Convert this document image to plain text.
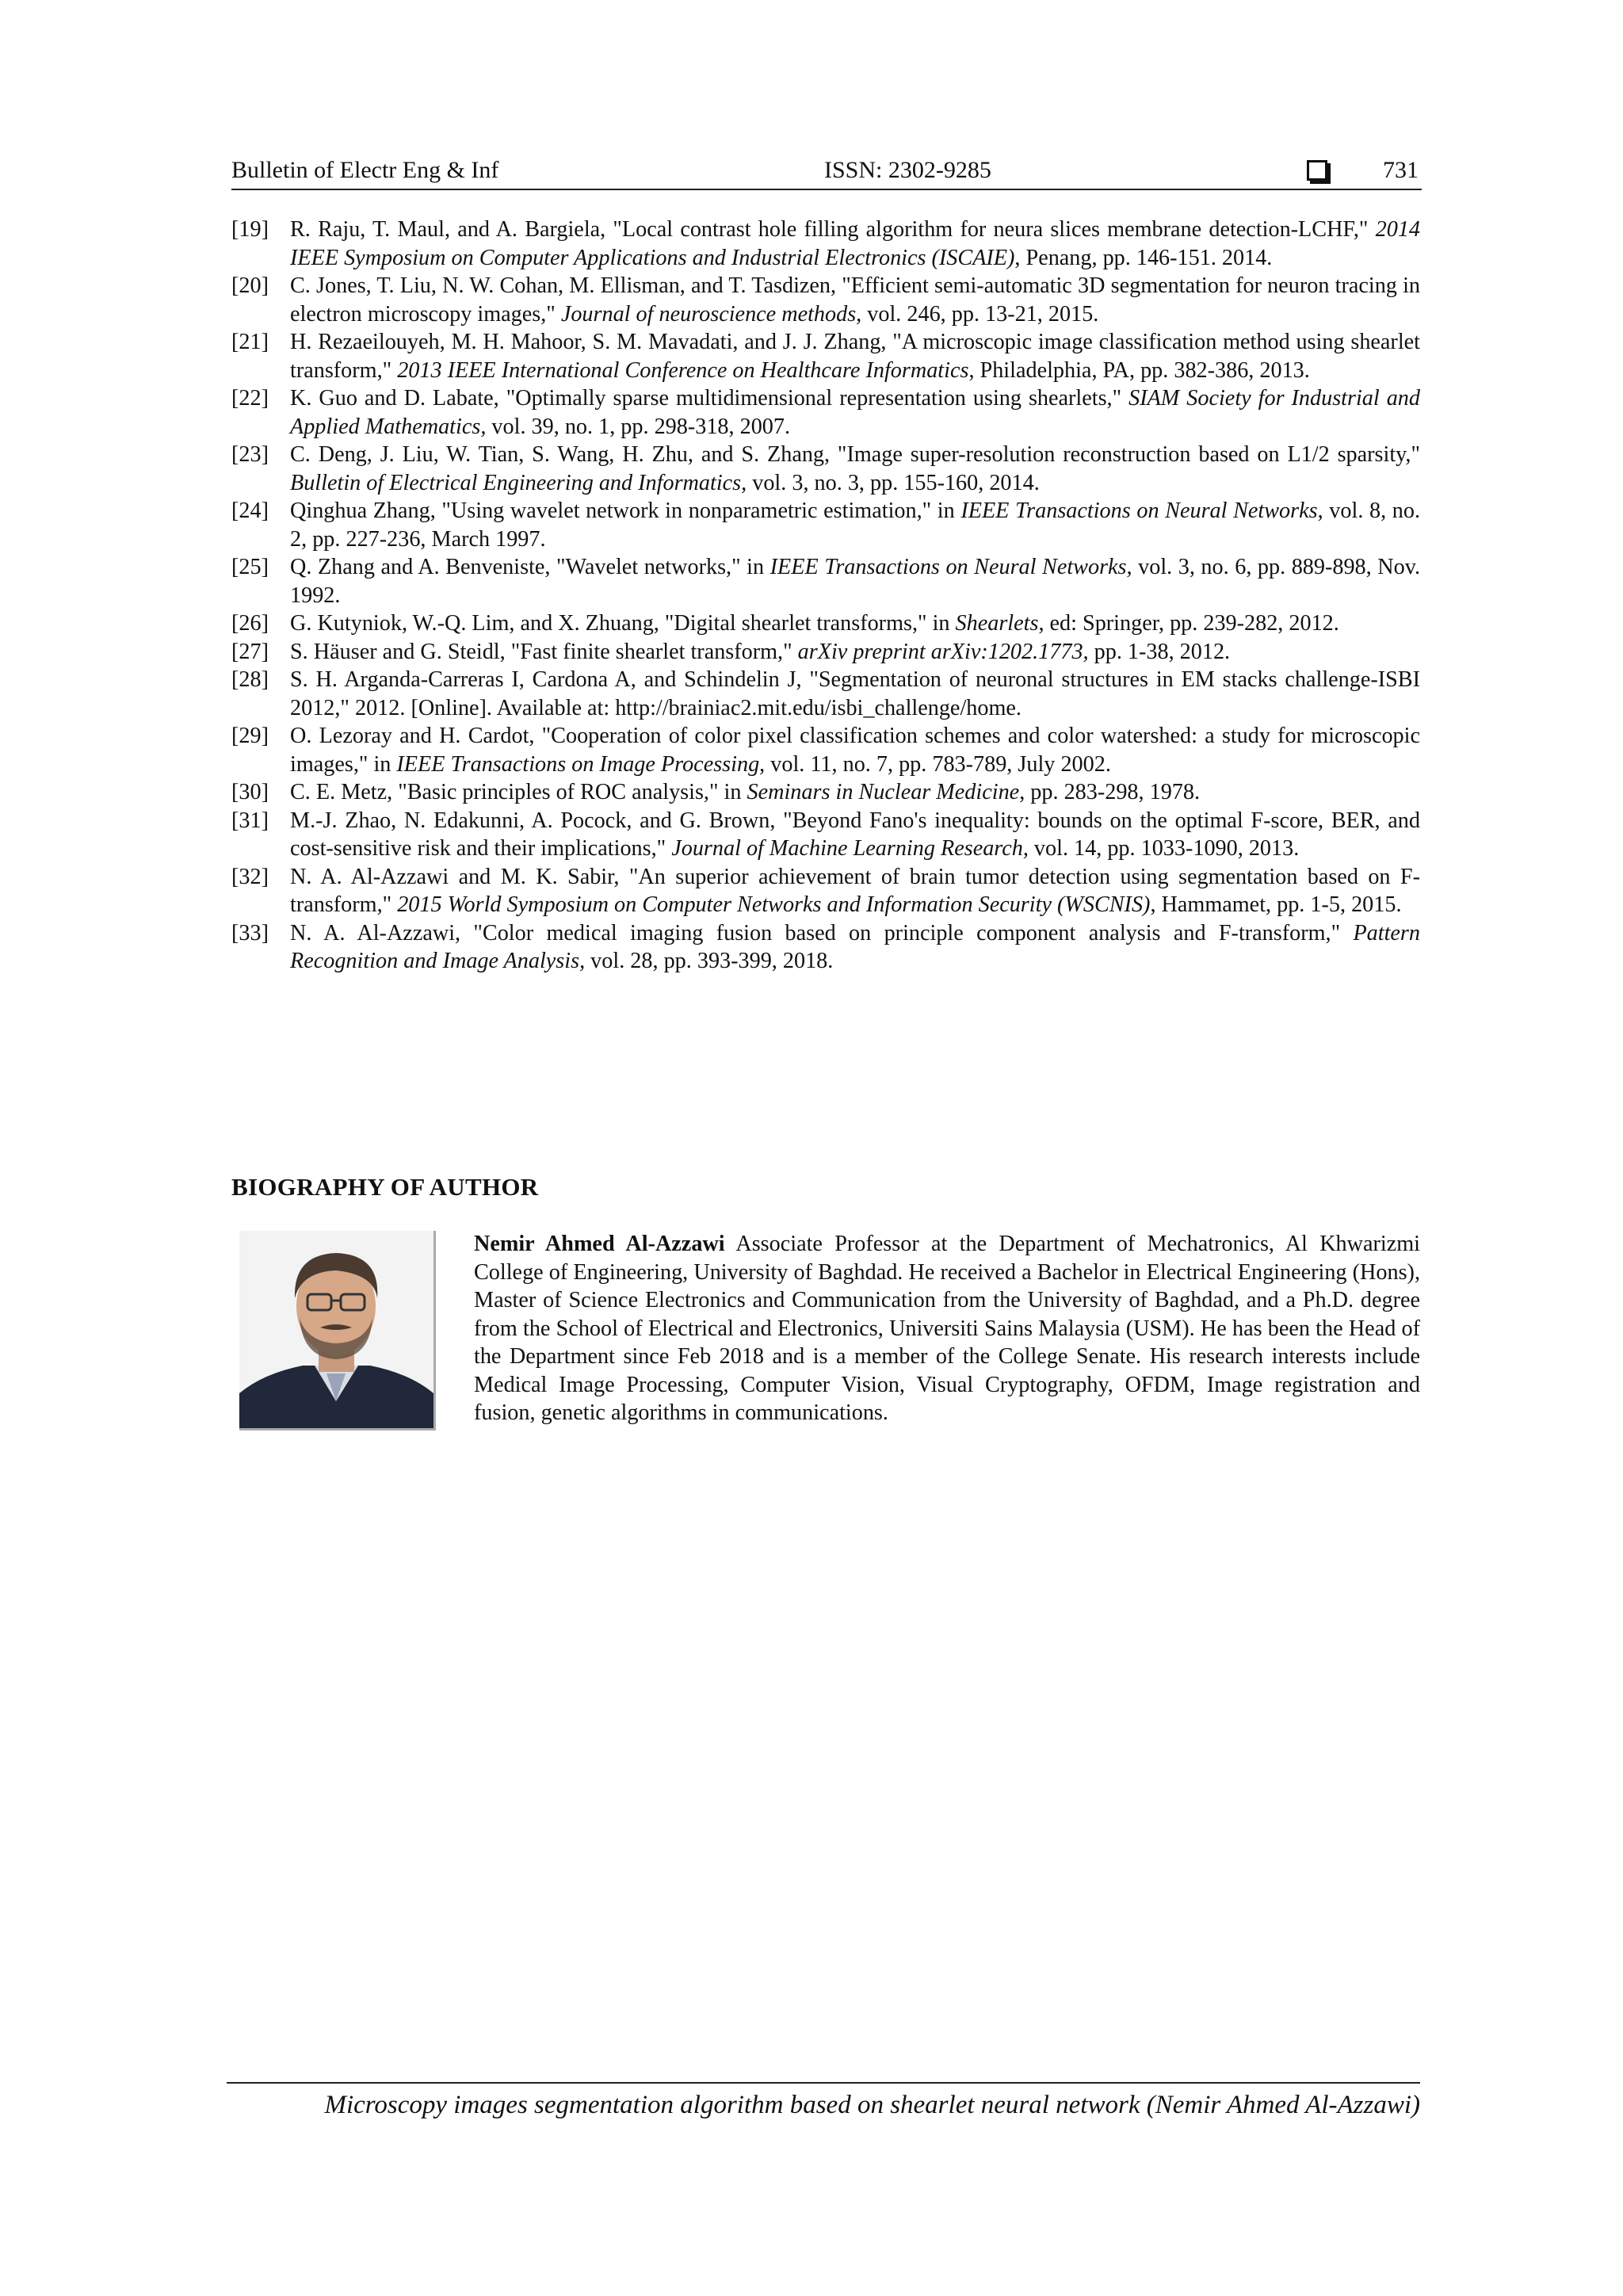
Bulletin of Electr Eng & Inf	ISSN: 2302-9285	731
[19] R. Raju, T. Maul, and A. Bargiela, "Local contrast hole filling algorithm for neura slices membrane detection-LCHF," 2014 IEEE Symposium on Computer Applications and Industrial Electronics (ISCAIE), Penang, pp. 146-151. 2014.
[20] C. Jones, T. Liu, N. W. Cohan, M. Ellisman, and T. Tasdizen, "Efficient semi-automatic 3D segmentation for neuron tracing in electron microscopy images," Journal of neuroscience methods, vol. 246, pp. 13-21, 2015.
[21] H. Rezaeilouyeh, M. H. Mahoor, S. M. Mavadati, and J. J. Zhang, "A microscopic image classification method using shearlet transform," 2013 IEEE International Conference on Healthcare Informatics, Philadelphia, PA, pp. 382-386, 2013.
[22] K. Guo and D. Labate, "Optimally sparse multidimensional representation using shearlets," SIAM Society for Industrial and Applied Mathematics, vol. 39, no. 1, pp. 298-318, 2007.
[23] C. Deng, J. Liu, W. Tian, S. Wang, H. Zhu, and S. Zhang, "Image super-resolution reconstruction based on L1/2 sparsity," Bulletin of Electrical Engineering and Informatics, vol. 3, no. 3, pp. 155-160, 2014.
[24] Qinghua Zhang, "Using wavelet network in nonparametric estimation," in IEEE Transactions on Neural Networks, vol. 8, no. 2, pp. 227-236, March 1997.
[25] Q. Zhang and A. Benveniste, "Wavelet networks," in IEEE Transactions on Neural Networks, vol. 3, no. 6, pp. 889-898, Nov. 1992.
[26] G. Kutyniok, W.-Q. Lim, and X. Zhuang, "Digital shearlet transforms," in Shearlets, ed: Springer, pp. 239-282, 2012.
[27] S. Häuser and G. Steidl, "Fast finite shearlet transform," arXiv preprint arXiv:1202.1773, pp. 1-38, 2012.
[28] S. H. Arganda-Carreras I, Cardona A, and Schindelin J, "Segmentation of neuronal structures in EM stacks challenge-ISBI 2012," 2012. [Online]. Available at: http://brainiac2.mit.edu/isbi_challenge/home.
[29] O. Lezoray and H. Cardot, "Cooperation of color pixel classification schemes and color watershed: a study for microscopic images," in IEEE Transactions on Image Processing, vol. 11, no. 7, pp. 783-789, July 2002.
[30] C. E. Metz, "Basic principles of ROC analysis," in Seminars in Nuclear Medicine, pp. 283-298, 1978.
[31] M.-J. Zhao, N. Edakunni, A. Pocock, and G. Brown, "Beyond Fano's inequality: bounds on the optimal F-score, BER, and cost-sensitive risk and their implications," Journal of Machine Learning Research, vol. 14, pp. 1033-1090, 2013.
[32] N. A. Al-Azzawi and M. K. Sabir, "An superior achievement of brain tumor detection using segmentation based on F-transform," 2015 World Symposium on Computer Networks and Information Security (WSCNIS), Hammamet, pp. 1-5, 2015.
[33] N. A. Al-Azzawi, "Color medical imaging fusion based on principle component analysis and F-transform," Pattern Recognition and Image Analysis, vol. 28, pp. 393-399, 2018.
BIOGRAPHY OF AUTHOR
Nemir Ahmed Al-Azzawi Associate Professor at the Department of Mechatronics, Al Khwarizmi College of Engineering, University of Baghdad. He received a Bachelor in Electrical Engineering (Hons), Master of Science Electronics and Communication from the University of Baghdad, and a Ph.D. degree from the School of Electrical and Electronics, Universiti Sains Malaysia (USM). He has been the Head of the Department since Feb 2018 and is a member of the College Senate. His research interests include Medical Image Processing, Computer Vision, Visual Cryptography, OFDM, Image registration and fusion, genetic algorithms in communications.
Microscopy images segmentation algorithm based on shearlet neural network (Nemir Ahmed Al-Azzawi)
